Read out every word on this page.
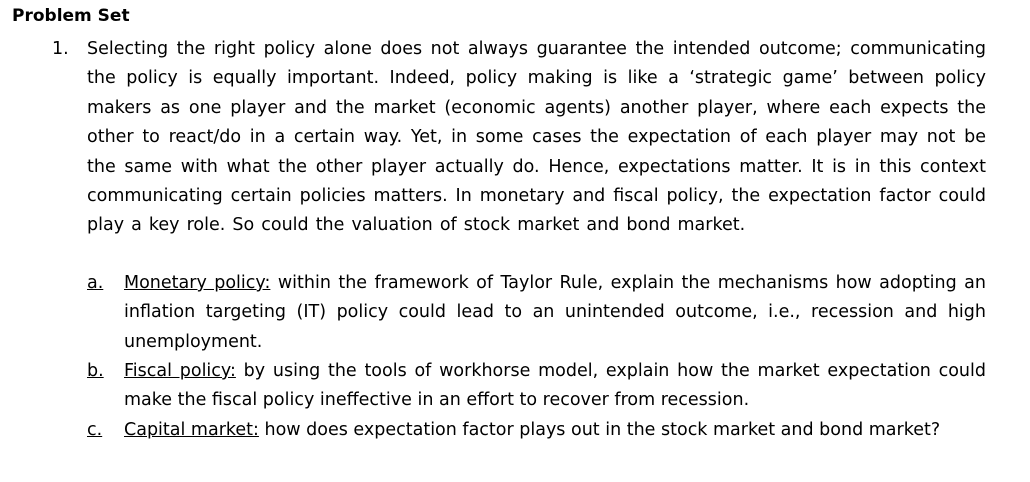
Problem Set
1. Selecting the right policy alone does not always guarantee the intended outcome; communicating the policy is equally important. Indeed, policy making is like a ‘strategic game’ between policy makers as one player and the market (economic agents) another player, where each expects the other to react/do in a certain way. Yet, in some cases the expectation of each player may not be the same with what the other player actually do. Hence, expectations matter. It is in this context communicating certain policies matters. In monetary and fiscal policy, the expectation factor could play a key role. So could the valuation of stock market and bond market.
a. Monetary policy: within the framework of Taylor Rule, explain the mechanisms how adopting an inflation targeting (IT) policy could lead to an unintended outcome, i.e., recession and high unemployment.
b. Fiscal policy: by using the tools of workhorse model, explain how the market expectation could make the fiscal policy ineffective in an effort to recover from recession.
c. Capital market: how does expectation factor plays out in the stock market and bond market?
